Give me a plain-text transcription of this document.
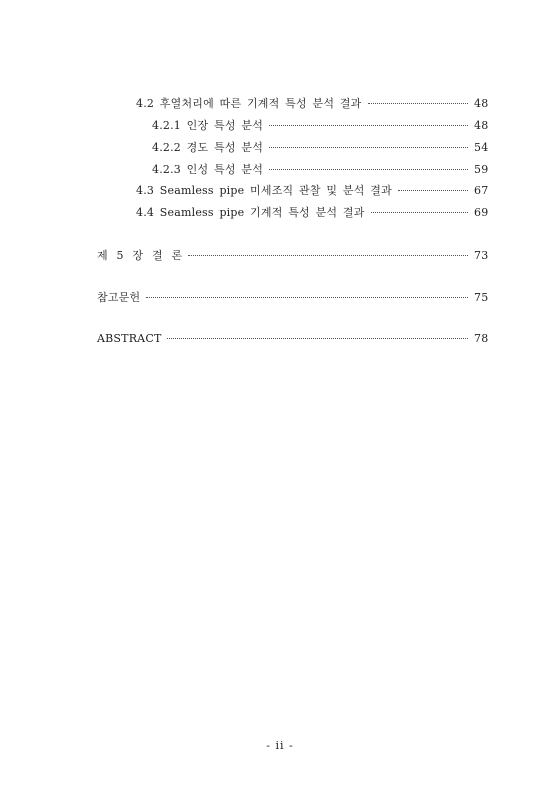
4.2 후열처리에 따른 기계적 특성 분석 결과	48
4.2.1 인장 특성 분석	48
4.2.2 경도 특성 분석	54
4.2.3 인성 특성 분석	59
4.3 Seamless pipe 미세조직 관찰 및 분석 결과	67
4.4 Seamless pipe 기계적 특성 분석 결과	69
제 5 장 결 론	73
참고문헌	75
ABSTRACT	78
- ii -
